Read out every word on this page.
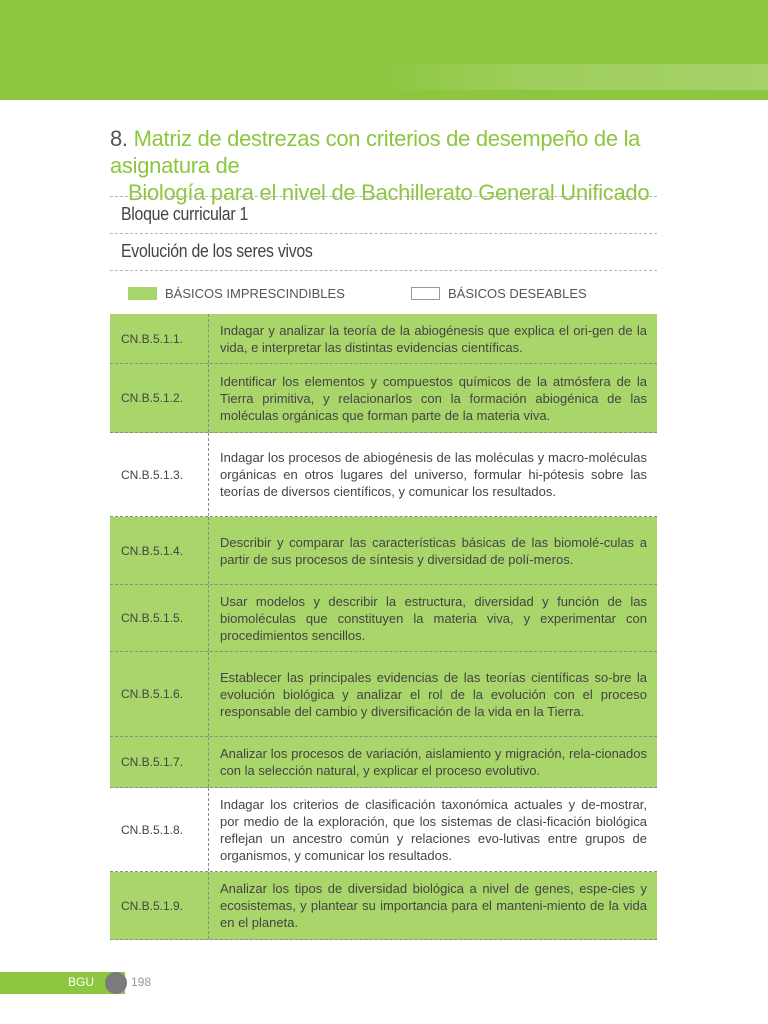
8. Matriz de destrezas con criterios de desempeño de la asignatura de
Biología para el nivel de Bachillerato General Unificado
Bloque curricular 1
Evolución de los seres vivos
BÁSICOS IMPRESCINDIBLES	BÁSICOS DESEABLES
CN.B.5.1.1.
Indagar y analizar la teoría de la abiogénesis que explica el ori-gen de la vida, e interpretar las distintas evidencias científicas.
CN.B.5.1.2.
Identificar los elementos y compuestos químicos de la atmósfera de la Tierra primitiva, y relacionarlos con la formación abiogénica de las moléculas orgánicas que forman parte de la materia viva.
CN.B.5.1.3.
Indagar los procesos de abiogénesis de las moléculas y macro-moléculas orgánicas en otros lugares del universo, formular hi-pótesis sobre las teorías de diversos científicos, y comunicar los resultados.
CN.B.5.1.4.
Describir y comparar las características básicas de las biomolé-culas a partir de sus procesos de síntesis y diversidad de polí-meros.
CN.B.5.1.5.
Usar modelos y describir la estructura, diversidad y función de las biomoléculas que constituyen la materia viva, y experimentar con procedimientos sencillos.
CN.B.5.1.6.
Establecer las principales evidencias de las teorías científicas so-bre la evolución biológica y analizar el rol de la evolución con el proceso responsable del cambio y diversificación de la vida en la Tierra.
CN.B.5.1.7.
Analizar los procesos de variación, aislamiento y migración, rela-cionados con la selección natural, y explicar el proceso evolutivo.
CN.B.5.1.8.
Indagar los criterios de clasificación taxonómica actuales y de-mostrar, por medio de la exploración, que los sistemas de clasi-ficación biológica reflejan un ancestro común y relaciones evo-lutivas entre grupos de organismos, y comunicar los resultados.
CN.B.5.1.9.
Analizar los tipos de diversidad biológica a nivel de genes, espe-cies y ecosistemas, y plantear su importancia para el manteni-miento de la vida en el planeta.
BGU	198
